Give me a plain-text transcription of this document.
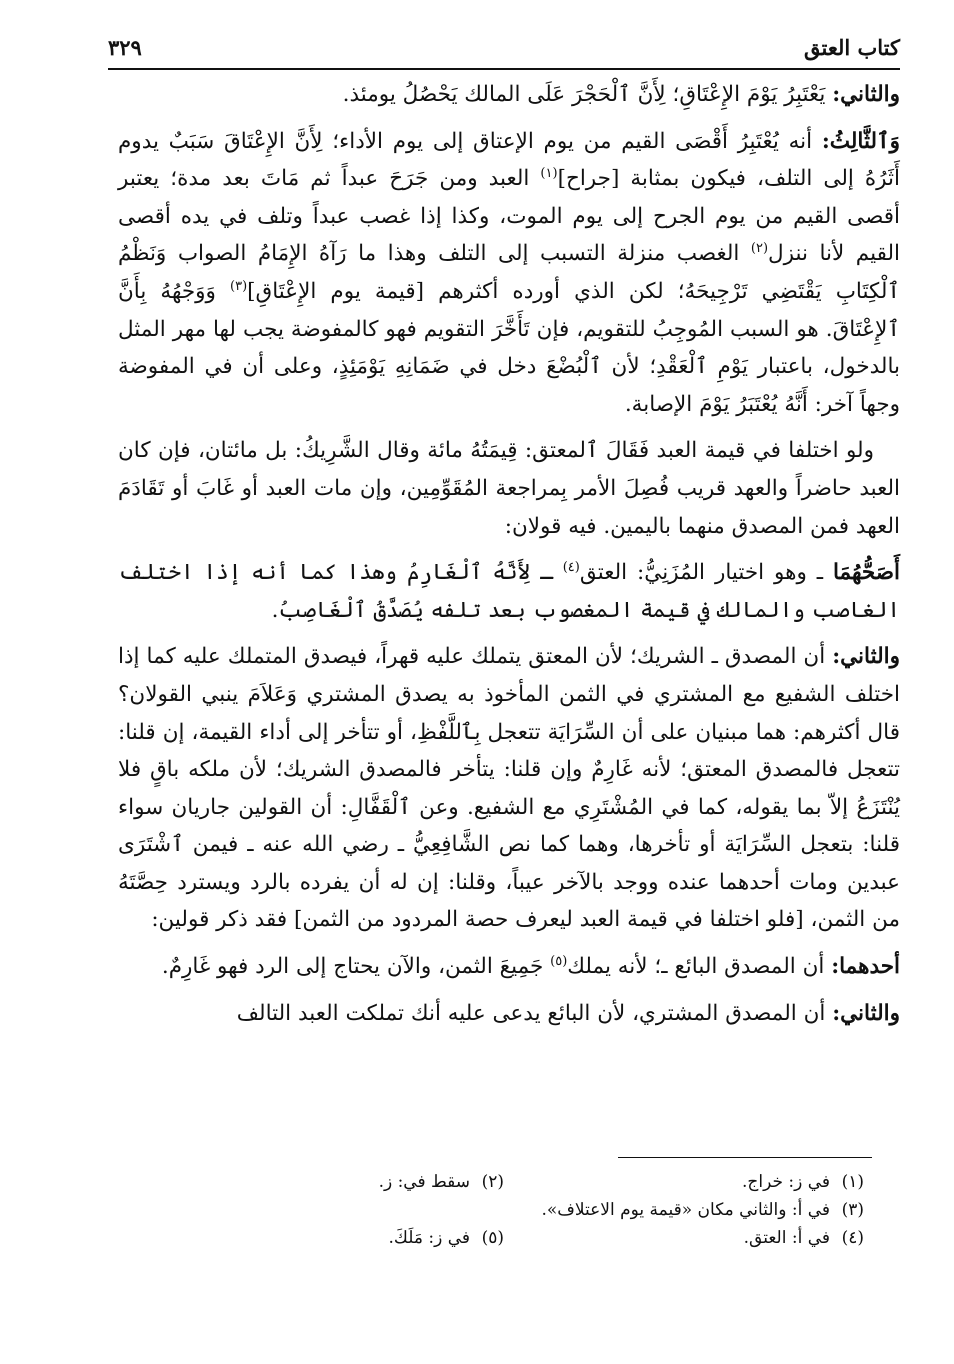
كتاب العتق
٣٢٩

والثاني: يَعْتَبِرُ يَوْمَ الإِعْتَاقِ؛ لِأَنَّ ٱلْحَجْرَ عَلَى المالك يَحْصُلُ يومئذ.

وَٱلثَّالِثُ: أنه يُعْتَبِرُ أَقْصَى القيم من يوم الإعتاق إلى يوم الأداء؛ لِأَنَّ الإِعْتَاقَ سَبَبٌ يدوم أَثَرُهُ إلى التلف، فيكون بمثابة [جراح]$^{(١)}$ العبد ومن جَرَحَ عبداً ثم مَاتَ بعد مدة؛ يعتبر أقصى القيم من يوم الجرح إلى يوم الموت، وكذا إذا غصب عبداً وتلف في يده أقصى القيم لأنا ننزل$^{(٢)}$ الغصب منزلة التسبب إلى التلف وهذا ما رَآهُ الإِمَامُ الصواب وَنَظْمُ ٱلْكِتَابِ يَقْتَضِي تَرْجِيحَهُ؛ لكن الذي أورده أكثرهم [قيمة يوم الإِعْتَاقِ]$^{(٣)}$ وَوَجْهُهُ بِأَنَّ ٱلإِعْتَاقَ. هو السبب المُوجِبُ للتقويم، فإن تَأَخَّرَ التقويم فهو كالمفوضة يجب لها مهر المثل بالدخول، باعتبار يَوْمِ ٱلْعَقْدِ؛ لأن ٱلْبُضْعَ دخل في ضَمَانِهِ يَوْمَئِذٍ، وعلى أن في المفوضة وجهاً آخر: أَنَّهُ يُعْتَبَرُ يَوْمَ الإصابة.

ولو اختلفا في قيمة العبد فَقَالَ ٱلمعتق: قِيمَتُهُ مائة وقال الشَّرِيكُ: بل مائتان، فإن كان العبد حاضراً والعهد قريب فُصِلَ الأمر بِمراجعة المُقَوِّمِين، وإن مات العبد أو غَابَ أو تَقَادَمَ العهد فمن المصدق منهما باليمين. فيه قولان:

أَصَحُّهُمَا ـ وهو اختيار المُزَنِيُّ: العتق$^{(٤)}$ ـ لِأَنَّهُ ٱلْغَارِمُ وهذا كما أنه إذا اختلف الغاصب والمالك في قيمة المغصوب بعد تلفه يُصَدَّقُ ٱلْغَاصِبُ.

والثاني: أن المصدق ـ الشريك؛ لأن المعتق يتملك عليه قهراً، فيصدق المتملك عليه كما إذا اختلف الشفيع مع المشتري في الثمن المأخوذ به يصدق المشتري وَعَلاَمَ ينبي القولان؟ قال أكثرهم: هما مبنيان على أن السِّرَايَة تتعجل بِٱللَّفْظِ، أو تتأخر إلى أداء القيمة، إن قلنا: تتعجل فالمصدق المعتق؛ لأنه غَارِمٌ وإن قلنا: يتأخر فالمصدق الشريك؛ لأن ملكه باقٍ فلا يُنْتَزَعُ إلاّ بما يقوله، كما في المُشْتَرِي مع الشفيع. وعن ٱلْقَفَّالِ: أن القولين جاريان سواء قلنا: بتعجل السِّرَايَة أو تأخرها، وهما كما نص الشَّافِعِيُّ ـ رضي الله عنه ـ فيمن ٱشْتَرَى عبدين ومات أحدهما عنده ووجد بالآخر عيباً، وقلنا: إن له أن يفرده بالرد ويسترد حِصَّتَهُ من الثمن، [فلو اختلفا في قيمة العبد ليعرف حصة المردود من الثمن] فقد ذكر قولين:

أحدهما: أن المصدق البائع ـ؛ لأنه يملك$^{(٥)}$ جَمِيعَ الثمن، والآن يحتاج إلى الرد فهو غَارِمٌ.

والثاني: أن المصدق المشتري، لأن البائع يدعى عليه أنك تملكت العبد التالف

(١)في ز: خراج.
(٢)سقط في: ز.
(٣)في أ: والثاني مكان «قيمة يوم الاعتلاف».
(٤)في أ: العتق.
(٥)في ز: مَلَكَ.
